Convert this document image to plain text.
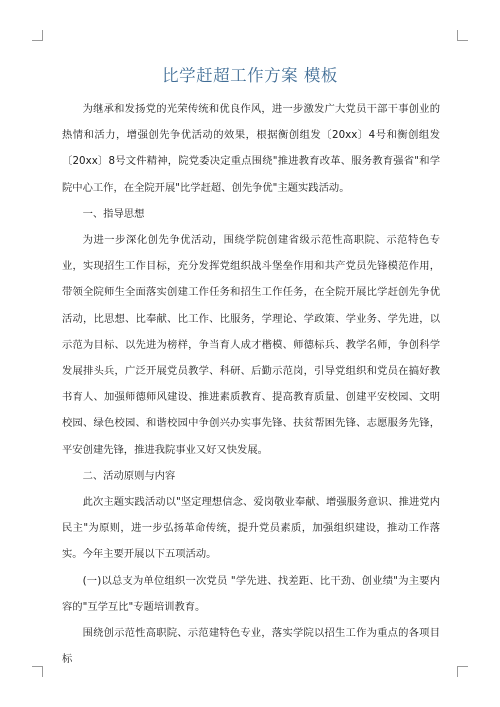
比学赶超工作方案 模板

为继承和发扬党的光荣传统和优良作风，进一步激发广大党员干部干事创业的热情和活力，增强创先争优活动的效果，根据衡创组发〔20xx〕4号和衡创组发〔20xx〕8号文件精神，院党委决定重点围绕"推进教育改革、服务教育强省"和学院中心工作，在全院开展"比学赶超、创先争优"主题实践活动。

一、指导思想

为进一步深化创先争优活动，围绕学院创建省级示范性高职院、示范特色专业，实现招生工作目标，充分发挥党组织战斗堡垒作用和共产党员先锋模范作用，带领全院师生全面落实创建工作任务和招生工作任务，在全院开展比学赶创先争优活动，比思想、比奉献、比工作、比服务，学理论、学政策、学业务、学先进，以示范为目标、以先进为榜样，争当育人成才楷模、师德标兵、教学名师，争创科学发展排头兵，广泛开展党员教学、科研、后勤示范岗，引导党组织和党员在搞好教书育人、加强师德师风建设、推进素质教育、提高教育质量、创建平安校园、文明校园、绿色校园、和谐校园中争创兴办实事先锋、扶贫帮困先锋、志愿服务先锋，平安创建先锋，推进我院事业又好又快发展。

二、活动原则与内容

此次主题实践活动以"坚定理想信念、爱岗敬业奉献、增强服务意识、推进党内民主"为原则，进一步弘扬革命传统，提升党员素质，加强组织建设，推动工作落实。今年主要开展以下五项活动。

(一)以总支为单位组织一次党员 "学先进、找差距、比干劲、创业绩"为主要内容的"互学互比"专题培训教育。

围绕创示范性高职院、示范建特色专业，落实学院以招生工作为重点的各项目标
